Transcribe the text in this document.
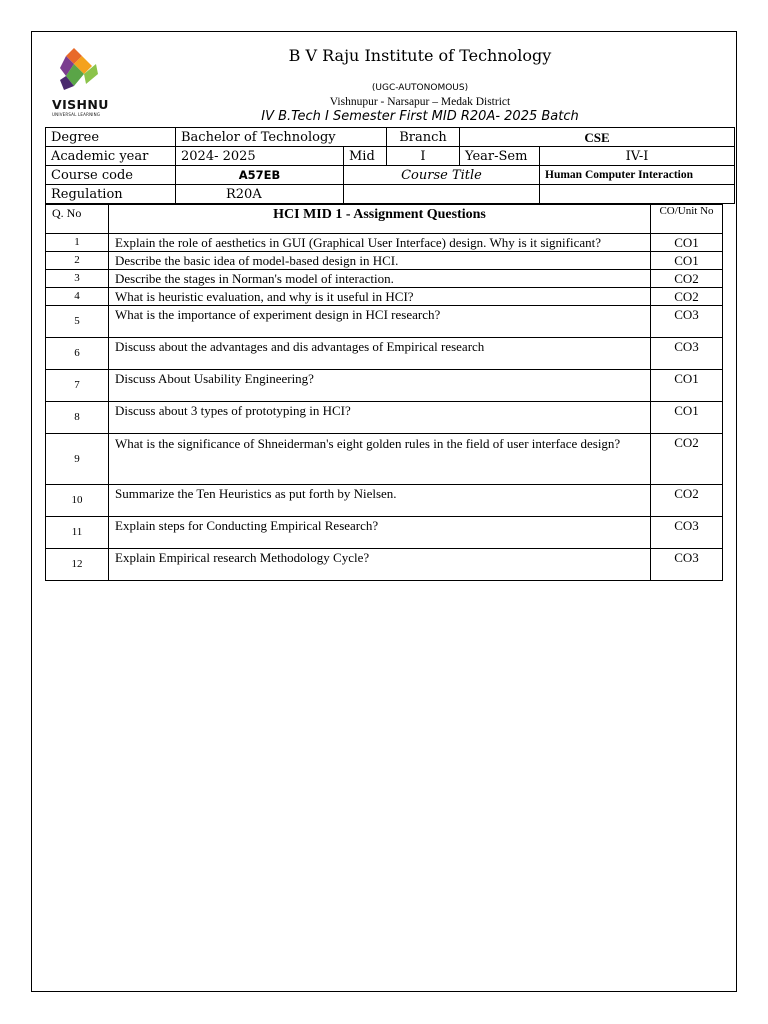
VISHNU
UNIVERSAL LEARNING
B V Raju Institute of Technology
(UGC-AUTONOMOUS)
Vishnupur - Narsapur – Medak District
IV B.Tech I Semester First MID R20A- 2025 Batch
Degree	Bachelor of Technology		Branch	CSE	
Academic year	2024- 2025	Mid	I	Year-Sem	IV-I
Course code	A57EB	Course Title			Human Computer Interaction
Regulation	R20A				
Q. No	HCI MID 1 - Assignment Questions	CO/Unit No
1	Explain the role of aesthetics in GUI (Graphical User Interface) design. Why is it significant?	CO1
2	Describe the basic idea of model-based design in HCI.	CO1
3	Describe the stages in Norman's model of interaction.	CO2
4	What is heuristic evaluation, and why is it useful in HCI?	CO2
5	What is the importance of experiment design in HCI research?	CO3
6	Discuss about the advantages and dis advantages of Empirical research	CO3
7	Discuss About Usability Engineering?	CO1
8	Discuss about 3 types of prototyping in HCI?	CO1
9	What is the significance of Shneiderman's eight golden rules in the field of user interface design?	CO2
10	Summarize the Ten Heuristics as put forth by Nielsen.	CO2
11	Explain steps for Conducting Empirical Research?	CO3
12	Explain Empirical research Methodology Cycle?	CO3
